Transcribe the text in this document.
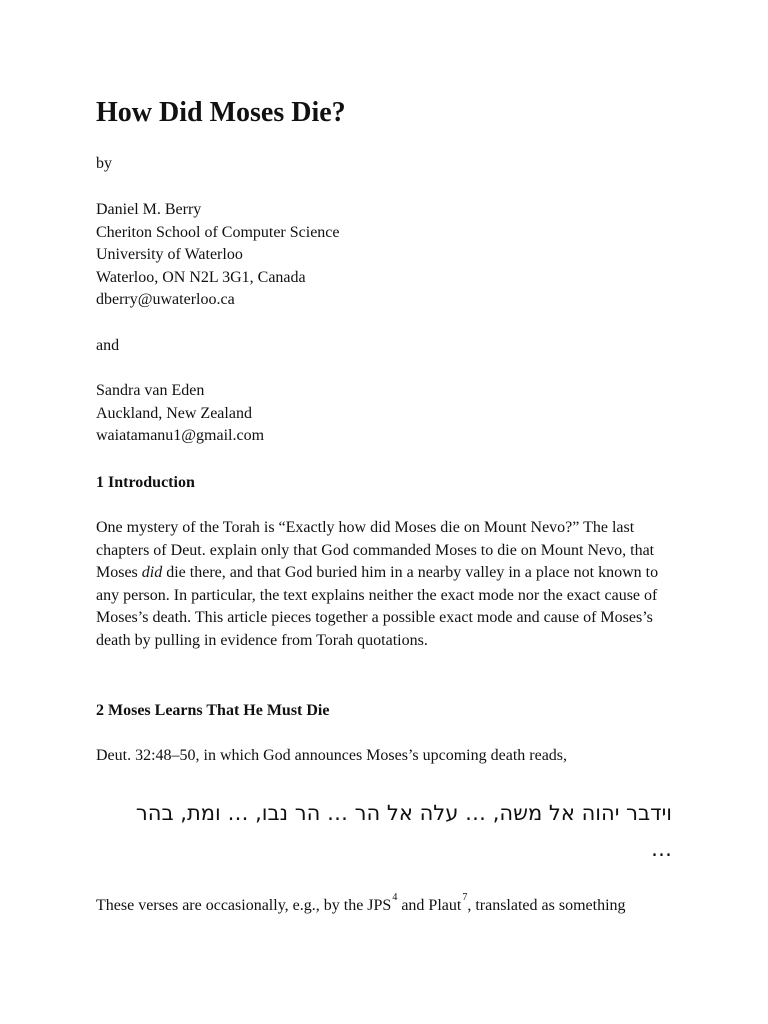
How Did Moses Die?
by
Daniel M. Berry
Cheriton School of Computer Science
University of Waterloo
Waterloo, ON N2L 3G1, Canada
dberry@uwaterloo.ca
and
Sandra van Eden
Auckland, New Zealand
waiatamanu1@gmail.com
1 Introduction

One mystery of the Torah is “Exactly how did Moses die on Mount Nevo?” The last chapters of Deut. explain only that God commanded Moses to die on Mount Nevo, that Moses did die there, and that God buried him in a nearby valley in a place not known to any person. In particular, the text explains neither the exact mode nor the exact cause of Moses’s death. This article pieces together a possible exact mode and cause of Moses’s death by pulling in evidence from Torah quotations.

2 Moses Learns That He Must Die
Deut. 32:48–50, in which God announces Moses’s upcoming death reads,
וידבר יהוה אל משה, … עלה אל הר … הר נבו, … ומת, בהר
…
These verses are occasionally, e.g., by the JPS$^4$ and Plaut$^7$, translated as something
